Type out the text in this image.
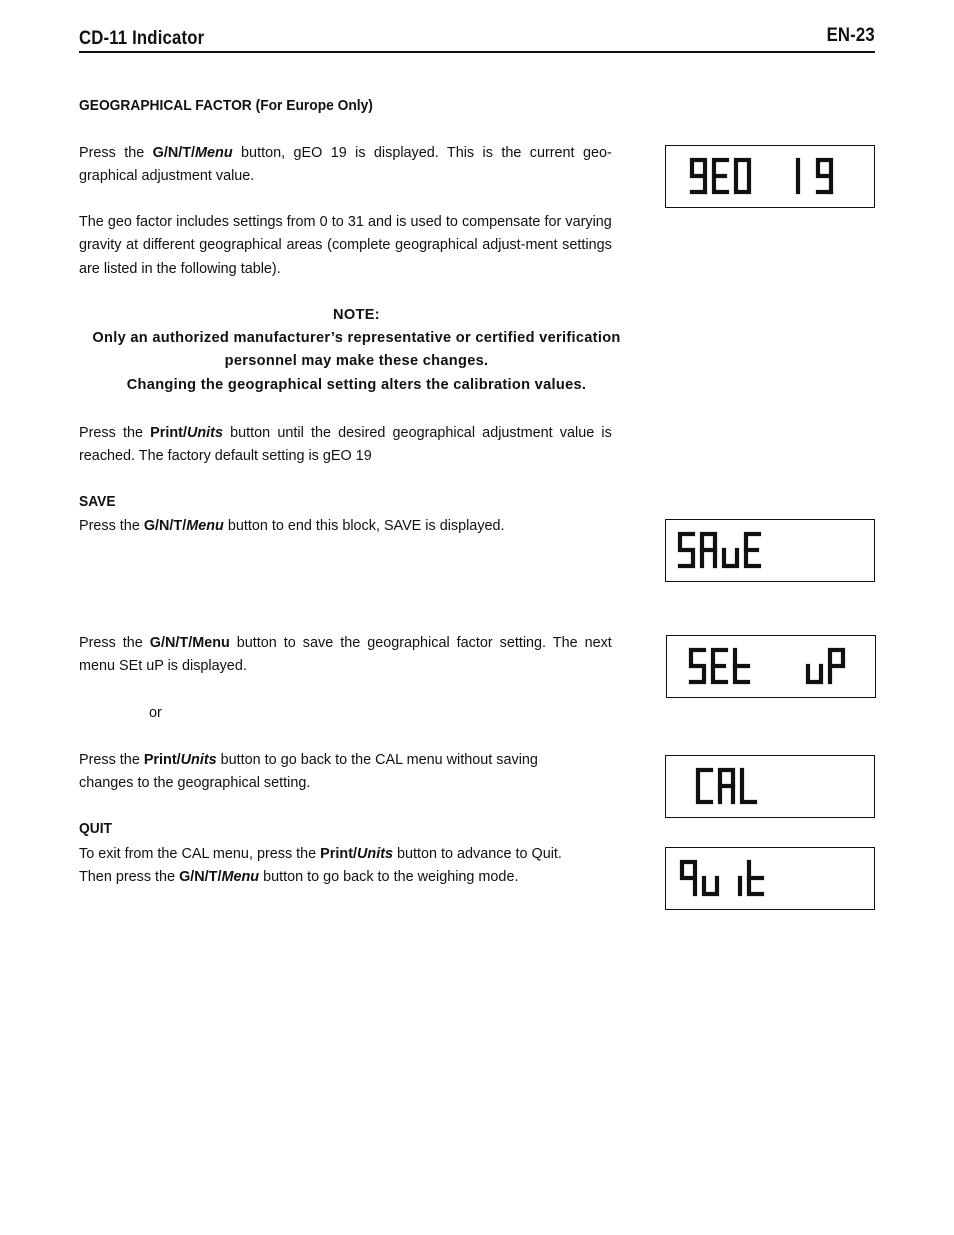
CD-11 Indicator	EN-23
GEOGRAPHICAL FACTOR (For Europe Only)
Press the G/N/T/Menu button, gEO 19 is displayed. This is the current geo-graphical adjustment value.
The geo factor includes settings from 0 to 31 and is used to compensate for varying gravity at different geographical areas (complete geographical adjust-ment settings are listed in the following table).
NOTE:
Only an authorized manufacturer’s representative or certified verification personnel may make these changes.
Changing the geographical setting alters the calibration values.
Press the Print/Units button until the desired geographical adjustment value is reached. The factory default setting is gEO 19
SAVE
Press the G/N/T/Menu button to end this block, SAVE is displayed.
Press the G/N/T/Menu button to save the geographical factor setting. The next menu SEt uP is displayed.
or
Press the Print/Units button to go back to the CAL menu without saving changes to the geographical setting.
QUIT
To exit from the CAL menu, press the Print/Units button to advance to Quit.
Then press the G/N/T/Menu button to go back to the weighing mode.
